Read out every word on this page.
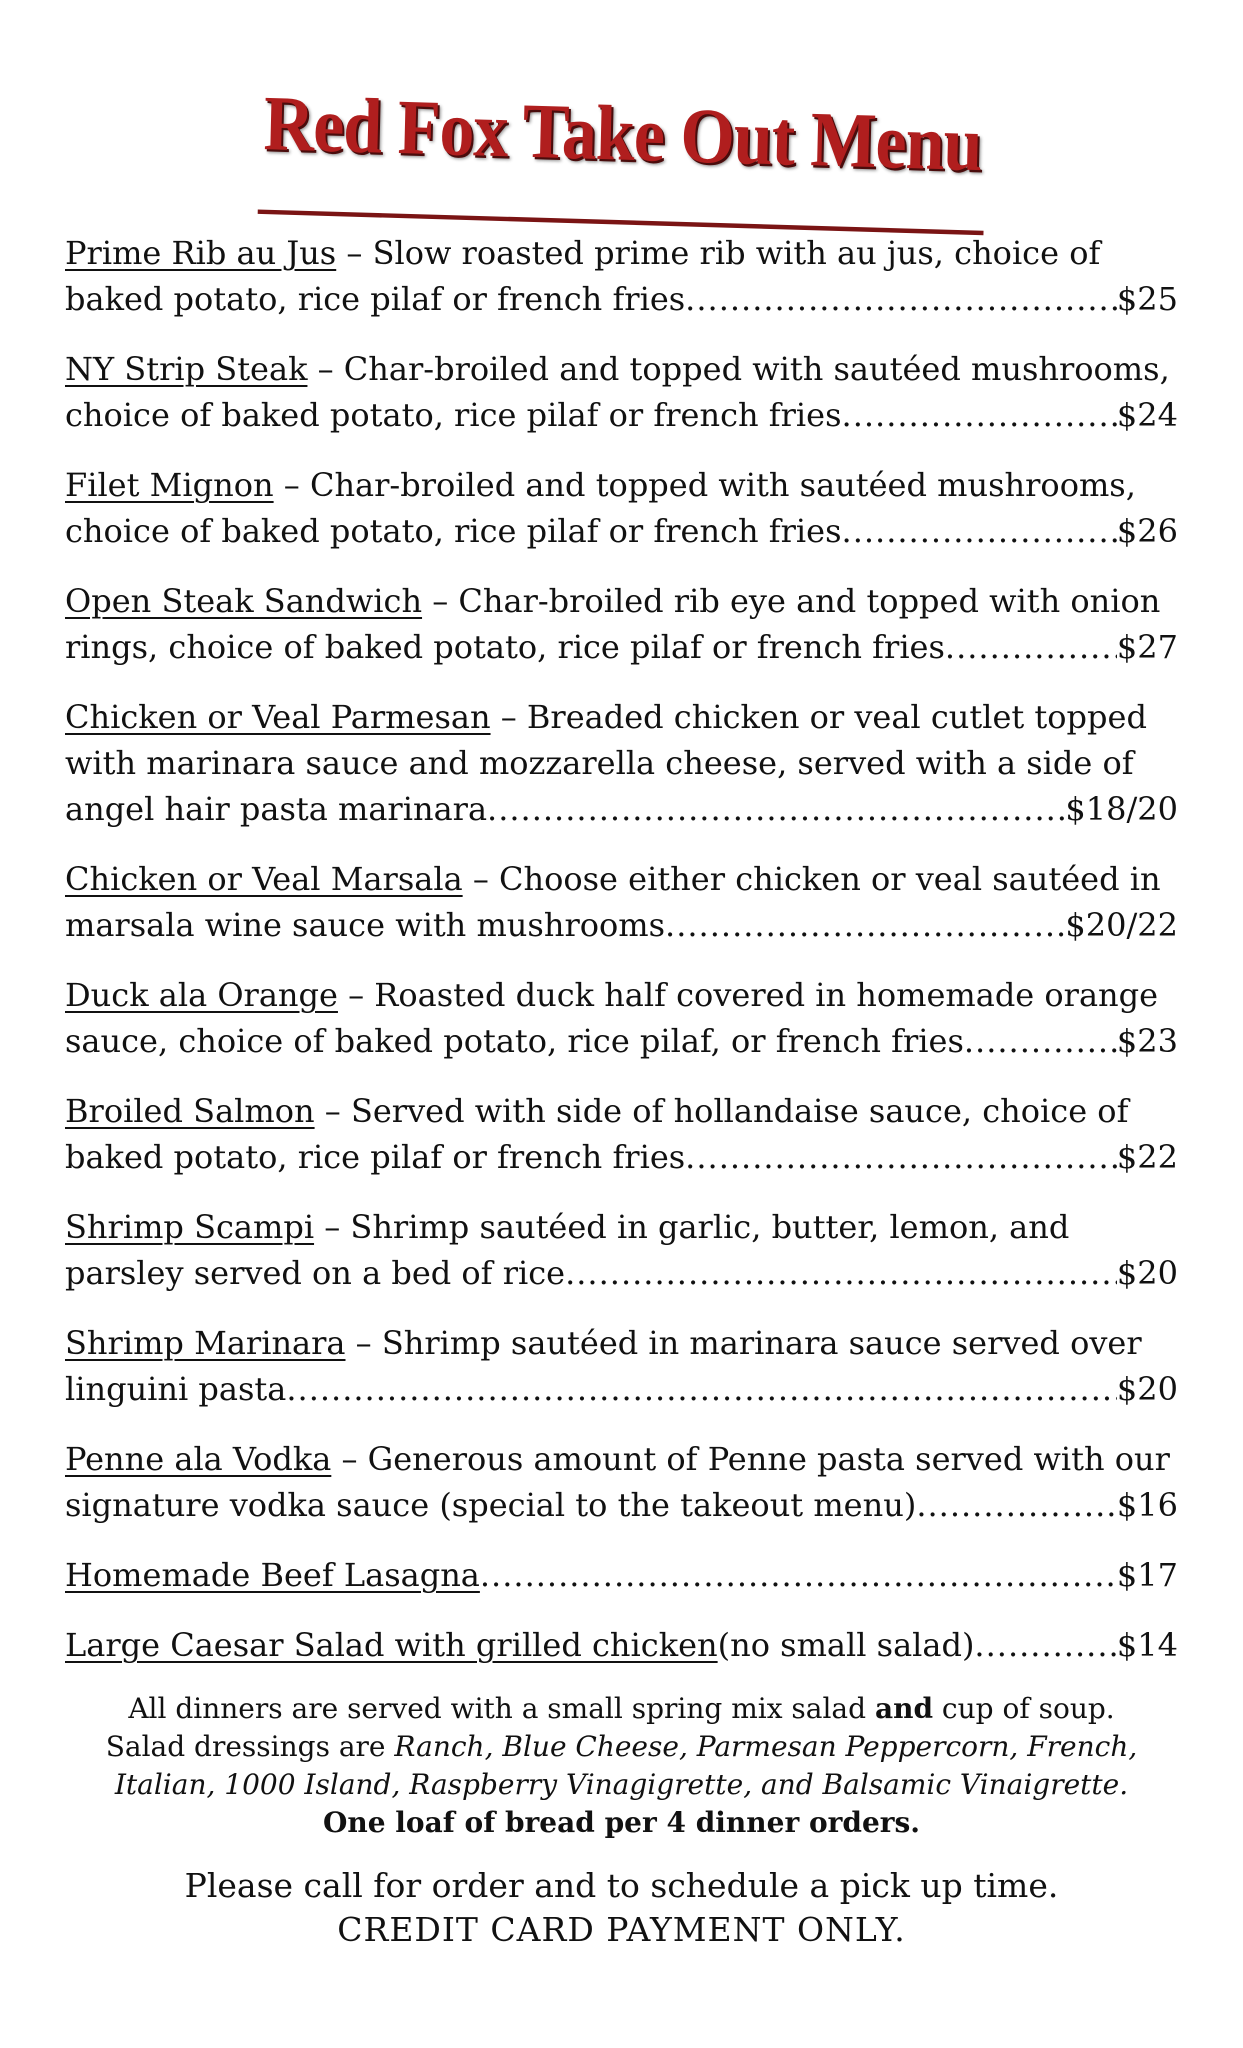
Red Fox Take Out Menu
Prime Rib au Jus – Slow roasted prime rib with au jus, choice of
baked potato, rice pilaf or french fries .....	$25
NY Strip Steak – Char-broiled and topped with sautéed mushrooms,
choice of baked potato, rice pilaf or french fries .....	$24
Filet Mignon – Char-broiled and topped with sautéed mushrooms,
choice of baked potato, rice pilaf or french fries .....	$26
Open Steak Sandwich – Char-broiled rib eye and topped with onion
rings, choice of baked potato, rice pilaf or french fries .....	$27
Chicken or Veal Parmesan – Breaded chicken or veal cutlet topped with marinara sauce and mozzarella cheese, served with a side of
angel hair pasta marinara .....	$18/20
Chicken or Veal Marsala – Choose either chicken or veal sautéed in
marsala wine sauce with mushrooms .....	$20/22
Duck ala Orange – Roasted duck half covered in homemade orange
sauce, choice of baked potato, rice pilaf, or french fries .....	$23
Broiled Salmon – Served with side of hollandaise sauce, choice of
baked potato, rice pilaf or french fries .....	$22
Shrimp Scampi – Shrimp sautéed in garlic, butter, lemon, and
parsley served on a bed of rice .....	$20
Shrimp Marinara – Shrimp sautéed in marinara sauce served over
linguini pasta .....	$20
Penne ala Vodka – Generous amount of Penne pasta served with our
signature vodka sauce (special to the takeout menu) .....	$16
Homemade Beef Lasagna .....	$17
Large Caesar Salad with grilled chicken (no small salad) .....	$14
All dinners are served with a small spring mix salad and cup of soup.
Salad dressings are Ranch, Blue Cheese, Parmesan Peppercorn, French, Italian, 1000 Island, Raspberry Vinagigrette, and Balsamic Vinaigrette.
One loaf of bread per 4 dinner orders.
Please call for order and to schedule a pick up time.
CREDIT CARD PAYMENT ONLY.
